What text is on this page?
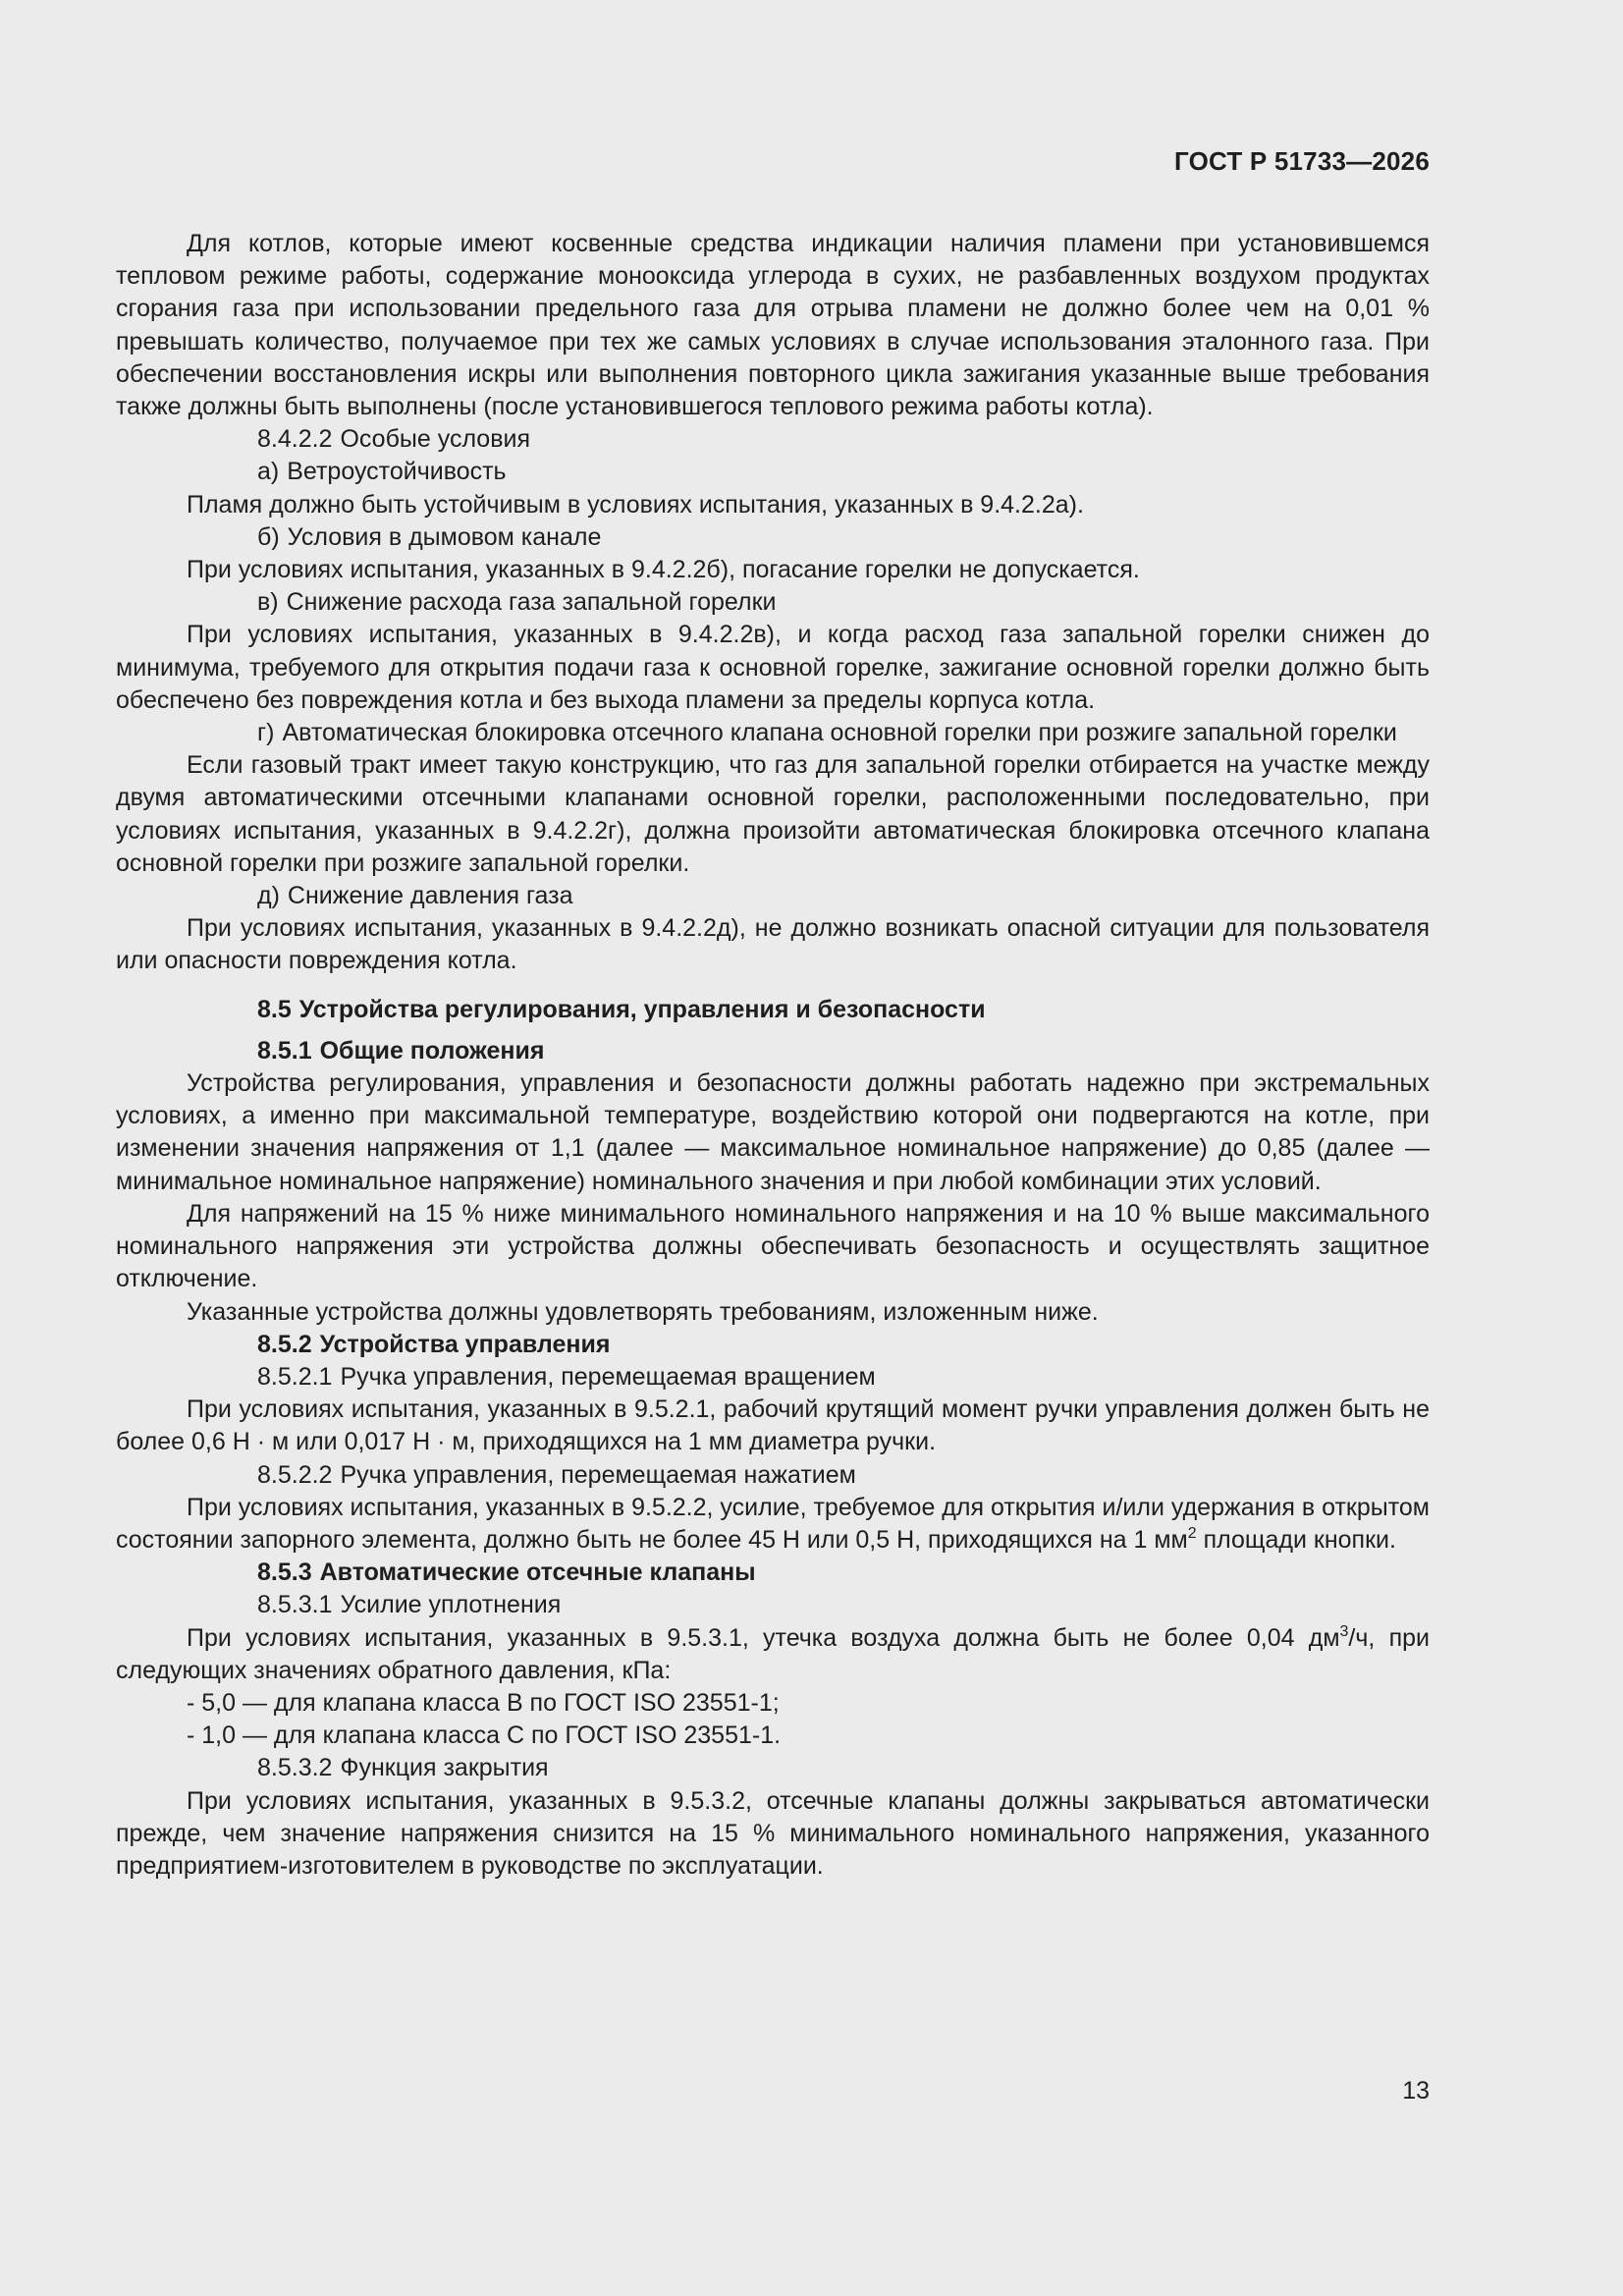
ГОСТ Р 51733—2026

Для котлов, которые имеют косвенные средства индикации наличия пламени при установившемся тепловом режиме работы, содержание монооксида углерода в сухих, не разбавленных воздухом продуктах сгорания газа при использовании предельного газа для отрыва пламени не должно более чем на 0,01 % превышать количество, получаемое при тех же самых условиях в случае использования эталонного газа. При обеспечении восстановления искры или выполнения повторного цикла зажигания указанные выше требования также должны быть выполнены (после установившегося теплового режима работы котла).

8.4.2.2 Особые условия

а) Ветроустойчивость

Пламя должно быть устойчивым в условиях испытания, указанных в 9.4.2.2а).

б) Условия в дымовом канале

При условиях испытания, указанных в 9.4.2.2б), погасание горелки не допускается.

в) Снижение расхода газа запальной горелки

При условиях испытания, указанных в 9.4.2.2в), и когда расход газа запальной горелки снижен до минимума, требуемого для открытия подачи газа к основной горелке, зажигание основной горелки должно быть обеспечено без повреждения котла и без выхода пламени за пределы корпуса котла.

г) Автоматическая блокировка отсечного клапана основной горелки при розжиге запальной горелки

Если газовый тракт имеет такую конструкцию, что газ для запальной горелки отбирается на участке между двумя автоматическими отсечными клапанами основной горелки, расположенными последовательно, при условиях испытания, указанных в 9.4.2.2г), должна произойти автоматическая блокировка отсечного клапана основной горелки при розжиге запальной горелки.

д) Снижение давления газа

При условиях испытания, указанных в 9.4.2.2д), не должно возникать опасной ситуации для пользователя или опасности повреждения котла.

8.5 Устройства регулирования, управления и безопасности

8.5.1 Общие положения

Устройства регулирования, управления и безопасности должны работать надежно при экстремальных условиях, а именно при максимальной температуре, воздействию которой они подвергаются на котле, при изменении значения напряжения от 1,1 (далее — максимальное номинальное напряжение) до 0,85 (далее — минимальное номинальное напряжение) номинального значения и при любой комбинации этих условий.

Для напряжений на 15 % ниже минимального номинального напряжения и на 10 % выше максимального номинального напряжения эти устройства должны обеспечивать безопасность и осуществлять защитное отключение.

Указанные устройства должны удовлетворять требованиям, изложенным ниже.

8.5.2 Устройства управления

8.5.2.1 Ручка управления, перемещаемая вращением

При условиях испытания, указанных в 9.5.2.1, рабочий крутящий момент ручки управления должен быть не более 0,6 Н · м или 0,017 Н · м, приходящихся на 1 мм диаметра ручки.

8.5.2.2 Ручка управления, перемещаемая нажатием

При условиях испытания, указанных в 9.5.2.2, усилие, требуемое для открытия и/или удержания в открытом состоянии запорного элемента, должно быть не более 45 Н или 0,5 Н, приходящихся на 1 $мм^2$ площади кнопки.

8.5.3 Автоматические отсечные клапаны

8.5.3.1 Усилие уплотнения

При условиях испытания, указанных в 9.5.3.1, утечка воздуха должна быть не более 0,04 $дм^3/ч$, при следующих значениях обратного давления, кПа:

- 5,0 — для клапана класса В по ГОСТ ISO 23551-1;

- 1,0 — для клапана класса С по ГОСТ ISO 23551-1.

8.5.3.2 Функция закрытия

При условиях испытания, указанных в 9.5.3.2, отсечные клапаны должны закрываться автоматически прежде, чем значение напряжения снизится на 15 % минимального номинального напряжения, указанного предприятием-изготовителем в руководстве по эксплуатации.

13
